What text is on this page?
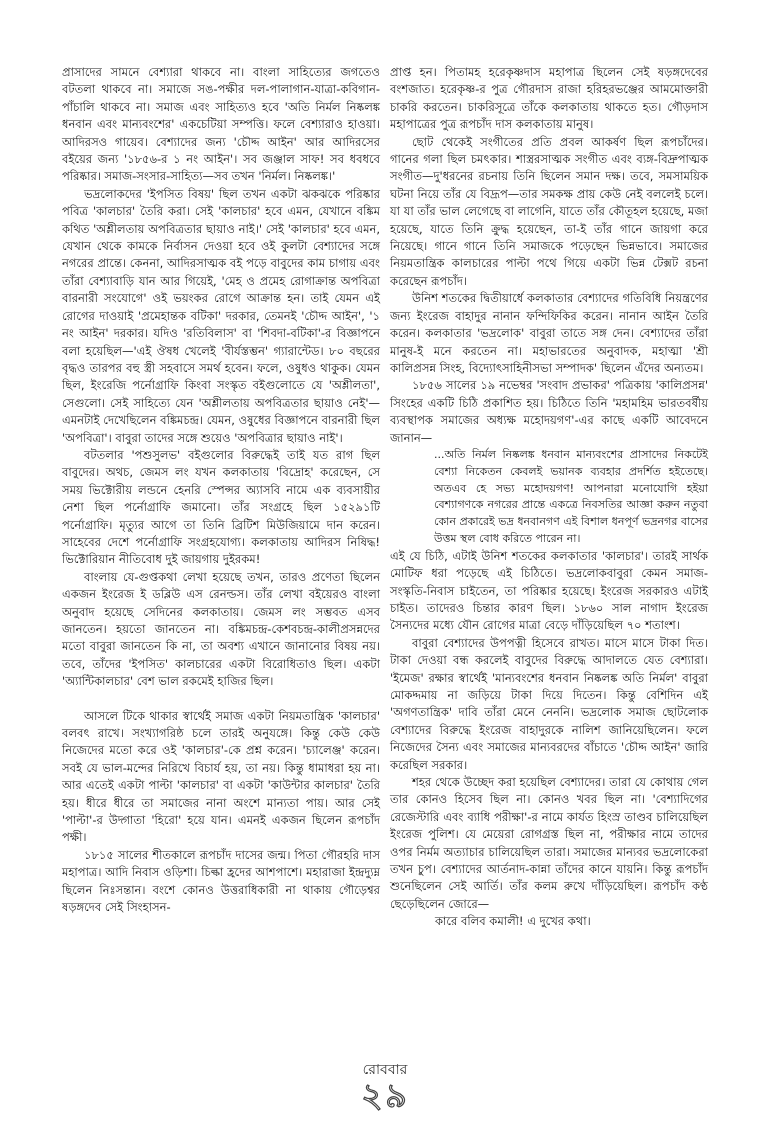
প্রাসাদের সামনে বেশ্যারা থাকবে না। বাংলা সাহিত্যের জগতেও বটতলা থাকবে না। সমাজে সঙ-পক্ষীর দল-পালাগান-যাত্রা-কবিগান-পাঁচালি থাকবে না। সমাজ এবং সাহিত্যও হবে 'অতি নির্মল নিষ্কলঙ্ক ধনবান এবং মান্যবংশের' একচেটিয়া সম্পত্তি। ফলে বেশ্যারাও হাওয়া। আদিরসও গায়েব। বেশ্যাদের জন্য 'চৌদ্দ আইন' আর আদিরসের বইয়ের জন্য '১৮৫৬-র ১ নং আইন'। সব জঞ্জাল সাফ! সব ধবধবে পরিষ্কার। সমাজ-সংসার-সাহিত্য—সব তখন 'নির্মল। নিষ্কলঙ্ক।'

ভদ্রলোকদের 'ইপসিত বিষয়' ছিল তখন একটা ঝকঝকে পরিষ্কার পবিত্র 'কালচার' তৈরি করা। সেই 'কালচার' হবে এমন, যেখানে বঙ্কিম কথিত 'অশ্লীলতায় অপবিত্রতার ছায়াও নাই।' সেই 'কালচার' হবে এমন, যেখান থেকে কামকে নির্বাসন দেওয়া হবে ওই কুলটা বেশ্যাদের সঙ্গে নগরের প্রান্তে। কেননা, আদিরসাত্মক বই পড়ে বাবুদের কাম চাগায় এবং তাঁরা বেশ্যাবাড়ি যান আর গিয়েই, 'মেহ ও প্রমেহ রোগাক্রান্ত অপবিত্রা বারনারী সংযোগে' ওই ভয়ংকর রোগে আক্রান্ত হন। তাই যেমন এই রোগের দাওয়াই 'প্রমেহান্তক বটিকা' দরকার, তেমনই 'চৌদ্দ আইন', '১ নং আইন' দরকার। যদিও 'রতিবিলাস' বা 'শিবদা-বটিকা'-র বিজ্ঞাপনে বলা হয়েছিল—'এই ঔষধ খেলেই 'বীর্যস্তম্ভন' গ্যারান্টেড। ৮০ বছরের বৃদ্ধও তারপর বহু স্ত্রী সহবাসে সমর্থ হবেন। ফলে, ওষুধও থাকুক। যেমন ছিল, ইংরেজি পর্নোগ্রাফি কিংবা সংস্কৃত বইগুলোতে যে 'অশ্লীলতা', সেগুলো। সেই সাহিত্যে যেন 'অশ্লীলতায় অপবিত্রতার ছায়াও নেই'—এমনটাই দেখেছিলেন বঙ্কিমচন্দ্র। যেমন, ওষুধের বিজ্ঞাপনে বারনারী ছিল 'অপবিত্রা'। বাবুরা তাদের সঙ্গে শুয়েও 'অপবিত্রার ছায়াও নাই'।

বটতলার 'পশুসুলভ' বইগুলোর বিরুদ্ধেই তাই যত রাগ ছিল বাবুদের। অথচ, জেমস লং যখন কলকাতায় 'বিদ্রোহ' করেছেন, সে সময় ভিক্টোরীয় লন্ডনে হেনরি স্পেন্সর অ্যাসবি নামে এক ব্যবসায়ীর নেশা ছিল পর্নোগ্রাফি জমানো। তাঁর সংগ্রহে ছিল ১৫২৯১টি পর্নোগ্রাফি। মৃত্যুর আগে তা তিনি ব্রিটিশ মিউজিয়ামে দান করেন। সাহেবের দেশে পর্নোগ্রাফি সংগ্রহযোগ্য। কলকাতায় আদিরস নিষিদ্ধ! ভিক্টোরিয়ান নীতিবোধ দুই জায়গায় দুইরকম!

বাংলায় যে-গুপ্তকথা লেখা হয়েছে তখন, তারও প্রণেতা ছিলেন একজন ইংরেজ ই ডব্লিউ এস রেনল্ডস। তাঁর লেখা বইয়েরও বাংলা অনুবাদ হয়েছে সেদিনের কলকাতায়। জেমস লং সম্ভবত এসব জানতেন। হয়তো জানতেন না। বঙ্কিমচন্দ্র-কেশবচন্দ্র-কালীপ্রসন্নদের মতো বাবুরা জানতেন কি না, তা অবশ্য এখানে জানানোর বিষয় নয়। তবে, তাঁদের 'ইপসিত' কালচারের একটা বিরোধিতাও ছিল। একটা 'অ্যান্টিকালচার' বেশ ভাল রকমেই হাজির ছিল।

আসলে টিকে থাকার স্বার্থেই সমাজ একটা নিয়মতান্ত্রিক 'কালচার' বলবৎ রাখে। সংখ্যাগরিষ্ঠ চলে তারই অনুযঙ্গে। কিন্তু কেউ কেউ নিজেদের মতো করে ওই 'কালচার'-কে প্রশ্ন করেন। 'চ্যালেঞ্জ' করেন। সবই যে ভাল-মন্দের নিরিখে বিচার্য হয়, তা নয়। কিন্তু ধামাধরা হয় না। আর এতেই একটা পাল্টা 'কালচার' বা একটা 'কাউন্টার কালচার' তৈরি হয়। ধীরে ধীরে তা সমাজের নানা অংশে মান্যতা পায়। আর সেই 'পাল্টা'-র উদ্গাতা 'হিরো' হয়ে যান। এমনই একজন ছিলেন রূপচাঁদ পক্ষী।

১৮১৫ সালের শীতকালে রূপচাঁদ দাসের জন্ম। পিতা গৌরহরি দাস মহাপাত্র। আদি নিবাস ওড়িশা। চিল্কা হ্রদের আশপাশে। মহারাজা ইন্দ্রদ্যুম্ন ছিলেন নিঃসন্তান। বংশে কোনও উত্তরাধিকারী না থাকায় গৌড়েশ্বর ষড়ঙ্গদেব সেই সিংহাসন-

প্রাপ্ত হন। পিতামহ হরেকৃষ্ণদাস মহাপাত্র ছিলেন সেই ষড়ঙ্গদেবের বংশজাত। হরেকৃষ্ণ-র পুত্র গৌরদাস রাজা হরিহরভঞ্জের আমমোক্তারী চাকরি করতেন। চাকরিসূত্রে তাঁকে কলকাতায় থাকতে হত। গৌড়দাস মহাপাত্রের পুত্র রূপচাঁদ দাস কলকাতায় মানুষ।

ছোট থেকেই সংগীতের প্রতি প্রবল আকর্ষণ ছিল রূপচাঁদের। গানের গলা ছিল চমৎকার। শাস্ত্ররসাত্মক সংগীত এবং ব্যঙ্গ-বিদ্রুপাত্মক সংগীত—দু'ধরনের রচনায় তিনি ছিলেন সমান দক্ষ। তবে, সমসাময়িক ঘটনা নিয়ে তাঁর যে বিদ্রূপ—তার সমকক্ষ প্রায় কেউ নেই বললেই চলে। যা যা তাঁর ভাল লেগেছে বা লাগেনি, যাতে তাঁর কৌতূহল হয়েছে, মজা হয়েছে, যাতে তিনি ক্রুদ্ধ হয়েছেন, তা-ই তাঁর গানে জায়গা করে নিয়েছে। গানে গানে তিনি সমাজকে পড়েছেন ভিন্নভাবে। সমাজের নিয়মতান্ত্রিক কালচারের পাল্টা পথে গিয়ে একটা ভিন্ন টেক্সট রচনা করেছেন রূপচাঁদ।

উনিশ শতকের দ্বিতীয়ার্ধে কলকাতার বেশ্যাদের গতিবিধি নিয়ন্ত্রণের জন্য ইংরেজ বাহাদুর নানান ফন্দিফিকির করেন। নানান আইন তৈরি করেন। কলকাতার 'ভদ্রলোক' বাবুরা তাতে সঙ্গ দেন। বেশ্যাদের তাঁরা মানুষ-ই মনে করতেন না। মহাভারতের অনুবাদক, মহাত্মা 'শ্রী কালিপ্রসন্ন সিংহ, বিদ্যোৎসাহিনীসভা সম্পাদক' ছিলেন এঁদের অন্যতম।

১৮৫৬ সালের ১৯ নভেম্বর 'সংবাদ প্রভাকর' পত্রিকায় 'কালিপ্রসন্ন' সিংহের একটি চিঠি প্রকাশিত হয়। চিঠিতে তিনি 'মহামহিম ভারতবর্ষীয় ব্যবস্থাপক সমাজের অধ্যক্ষ মহোদয়গণ'-এর কাছে একটি আবেদনে জানান—

...অতি নির্মল নিষ্কলঙ্ক ধনবান মান্যবংশের প্রাসাদের নিকটেই বেশ্যা নিকেতন কেবলই ভয়ানক ব্যবহার প্রদর্শিত হইতেছে। অতএব হে সভ্য মহোদয়গণ! আপনারা মনোযোগি হইয়া বেশ্যাগণকে নগরের প্রান্তে একত্রে নিবসতির আজ্ঞা করুন নতুবা কোন প্রকারেই ভদ্র ধনবানগণ এই বিশাল ধনপূর্ণ ভদ্রনগর বাসের উত্তম স্থল বোধ করিতে পারেন না।

এই যে চিঠি, এটাই উনিশ শতকের কলকাতার 'কালচার'। তারই সার্থক মোটিফ ধরা পড়েছে এই চিঠিতে। ভদ্রলোকবাবুরা কেমন সমাজ-সংস্কৃতি-নিবাস চাইতেন, তা পরিষ্কার হয়েছে। ইংরেজ সরকারও এটাই চাইত। তাদেরও চিন্তার কারণ ছিল। ১৮৬০ সাল নাগাদ ইংরেজ সৈন্যদের মধ্যে যৌন রোগের মাত্রা বেড়ে দাঁড়িয়েছিল ৭০ শতাংশ।

বাবুরা বেশ্যাদের উপপত্নী হিসেবে রাখত। মাসে মাসে টাকা দিত। টাকা দেওয়া বন্ধ করলেই বাবুদের বিরুদ্ধে আদালতে যেত বেশ্যারা। 'ইমেজ' রক্ষার স্বার্থেই 'মান্যবংশের ধনবান নিষ্কলঙ্ক অতি নির্মল' বাবুরা মোকদ্দমায় না জড়িয়ে টাকা দিয়ে দিতেন। কিন্তু বেশিদিন এই 'অগণতান্ত্রিক' দাবি তাঁরা মেনে নেননি। ভদ্রলোক সমাজ ছোটলোক বেশ্যাদের বিরুদ্ধে ইংরেজ বাহাদুরকে নালিশ জানিয়েছিলেন। ফলে নিজেদের সৈন্য এবং সমাজের মান্যবরদের বাঁচাতে 'চৌদ্দ আইন' জারি করেছিল সরকার।

শহর থেকে উচ্ছেদ করা হয়েছিল বেশ্যাদের। তারা যে কোথায় গেল তার কোনও হিসেব ছিল না। কোনও খবর ছিল না। 'বেশ্যাদিগের রেজেস্টারি এবং ব্যাধি পরীক্ষা'-র নামে কার্যত হিংস্র তাণ্ডব চালিয়েছিল ইংরেজ পুলিশ। যে মেয়েরা রোগগ্রস্ত ছিল না, পরীক্ষার নামে তাদের ওপর নির্মম অত্যাচার চালিয়েছিল তারা। সমাজের মান্যবর ভদ্রলোকেরা তখন চুপ। বেশ্যাদের আর্তনাদ-কান্না তাঁদের কানে যায়নি। কিন্তু রূপচাঁদ শুনেছিলেন সেই আর্তি। তাঁর কলম রুখে দাঁড়িয়েছিল। রূপচাঁদ কণ্ঠ ছেড়েছিলেন জোরে—

কারে বলিব কমালী! এ দুখের কথা।

রোববার
২৯
